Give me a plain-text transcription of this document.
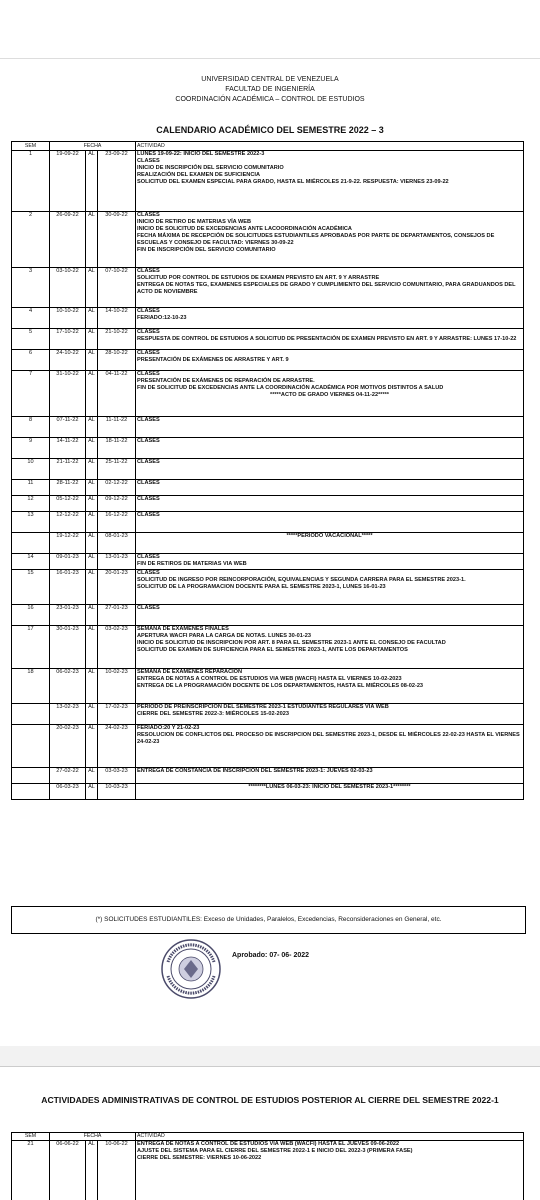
UNIVERSIDAD CENTRAL DE VENEZUELA
FACULTAD DE INGENIERÍA
COORDINACIÓN ACADÉMICA – CONTROL DE ESTUDIOS
CALENDARIO ACADÉMICO DEL SEMESTRE 2022 – 3
SEM	FECHA			ACTIVIDAD
1	19-09-22	AL	23-09-22	LUNES 19-09-22: INICIO DEL SEMESTRE 2022-3
CLASES
INICIO DE INSCRIPCIÓN DEL SERVICIO COMUNITARIO
REALIZACIÓN DEL EXAMEN DE SUFICIENCIA
SOLICITUD DEL EXAMEN ESPECIAL PARA GRADO, HASTA EL MIÉRCOLES 21-9-22. RESPUESTA: VIERNES 23-09-22

2	26-09-22	AL	30-09-22	CLASES
INICIO DE RETIRO DE MATERIAS VÍA WEB
INICIO DE SOLICITUD DE EXCEDENCIAS ANTE LACOORDINACIÓN ACADÉMICA
FECHA MÁXIMA DE RECEPCIÓN DE SOLICITUDES ESTUDIANTILES APROBADAS POR PARTE DE DEPARTAMENTOS, CONSEJOS DE ESCUELAS Y CONSEJO DE FACULTAD: VIERNES 30-09-22
FIN DE INSCRIPCIÓN DEL SERVICIO COMUNITARIO

3	03-10-22	AL	07-10-22	CLASES
SOLICITUD POR CONTROL DE ESTUDIOS DE EXAMEN PREVISTO EN ART. 9 Y ARRASTRE
ENTREGA DE NOTAS TEG, EXAMENES ESPECIALES DE GRADO Y CUMPLIMIENTO DEL SERVICIO COMUNITARIO, PARA GRADUANDOS DEL ACTO DE NOVIEMBRE

4	10-10-22	AL	14-10-22	CLASES
FERIADO:12-10-23

5	17-10-22	AL	21-10-22	CLASES
RESPUESTA DE CONTROL DE ESTUDIOS A SOLICITUD DE PRESENTACIÓN DE EXAMEN PREVISTO EN ART. 9 Y ARRASTRE: LUNES 17-10-22

6	24-10-22	AL	28-10-22	CLASES
PRESENTACIÓN DE EXÁMENES DE ARRASTRE Y ART. 9

7	31-10-22	AL	04-11-22	CLASES
PRESENTACIÓN DE EXÁMENES DE REPARACIÓN DE ARRASTRE.
FIN DE SOLICITUD DE EXCEDENCIAS ANTE LA COORDINACIÓN ACADÉMICA POR MOTIVOS DISTINTOS A SALUD
*****ACTO DE GRADO VIERNES 04-11-22*****

8	07-11-22	AL	11-11-22	CLASES

9	14-11-22	AL	18-11-22	CLASES

10	21-11-22	AL	25-11-22	CLASES

11	28-11-22	AL	02-12-22	CLASES

12	05-12-22	AL	09-12-22	CLASES

13	12-12-22	AL	16-12-22	CLASES

	19-12-22	AL	08-01-23	*****PERIODO VACACIONAL*****

14	09-01-23	AL	13-01-23	CLASES
FIN DE RETIROS DE MATERIAS VIA WEB

15	16-01-23	AL	20-01-23	CLASES
SOLICITUD DE INGRESO POR REINCORPORACIÓN, EQUIVALENCIAS Y SEGUNDA CARRERA PARA EL SEMESTRE 2023-1.
SOLICITUD DE LA PROGRAMACION DOCENTE PARA EL SEMESTRE 2023-1, LUNES 16-01-23

16	23-01-23	AL	27-01-23	CLASES

17	30-01-23	AL	03-02-23	SEMANA DE EXÁMENES FINALES
APERTURA WACFI PARA LA CARGA DE NOTAS. LUNES 30-01-23
INICIO DE SOLICITUD DE INSCRIPCION POR ART. 8 PARA EL SEMESTRE 2023-1 ANTE EL CONSEJO DE FACULTAD
SOLICITUD DE EXAMEN DE SUFICIENCIA PARA EL SEMESTRE 2023-1, ANTE LOS DEPARTAMENTOS

18	06-02-23	AL	10-02-23	SEMANA DE EXÁMENES REPARACIÓN
ENTREGA DE NOTAS A CONTROL DE ESTUDIOS VIA WEB (WACFI) HASTA EL VIERNES 10-02-2023
ENTREGA DE LA PROGRAMACIÓN DOCENTE DE LOS DEPARTAMENTOS, HASTA EL MIÉRCOLES 08-02-23

	13-02-23	AL	17-02-23	PERÍODO DE PREINSCRIPCIÓN DEL SEMESTRE 2023-1 ESTUDIANTES REGULARES VIA WEB
CIERRE DEL SEMESTRE 2022-3: MIÉRCOLES 15-02-2023

	20-02-23	AL	24-02-23	FERIADO:20 Y 21-02-23
RESOLUCION DE CONFLICTOS DEL PROCESO DE INSCRIPCION DEL SEMESTRE 2023-1, DESDE EL MIÉRCOLES 22-02-23 HASTA EL VIERNES 24-02-23

	27-02-22	AL	03-03-23	ENTREGA DE CONSTANCIA DE INSCRIPCION DEL SEMESTRE 2023-1: JUEVES 02-03-23

	06-03-23	AL	10-03-23	********LUNES 06-03-23: INICIO DEL SEMESTRE 2023-1********
(*) SOLICITUDES ESTUDIANTILES: Exceso de Unidades, Paralelos, Excedencias, Reconsideraciones en General, etc.
Aprobado: 07- 06- 2022
ACTIVIDADES ADMINISTRATIVAS DE CONTROL DE ESTUDIOS POSTERIOR AL CIERRE DEL SEMESTRE 2022-1
SEM	FECHA			ACTIVIDAD
21	06-06-22	AL	10-06-22	ENTREGA DE NOTAS A CONTROL DE ESTUDIOS VIA WEB (WACFI) HASTA EL JUEVES 09-06-2022
AJUSTE DEL SISTEMA PARA EL CIERRE DEL SEMESTRE 2022-1 E INICIO DEL 2022-3 (PRIMERA FASE)
CIERRE DEL SEMESTRE: VIERNES 10-06-2022
